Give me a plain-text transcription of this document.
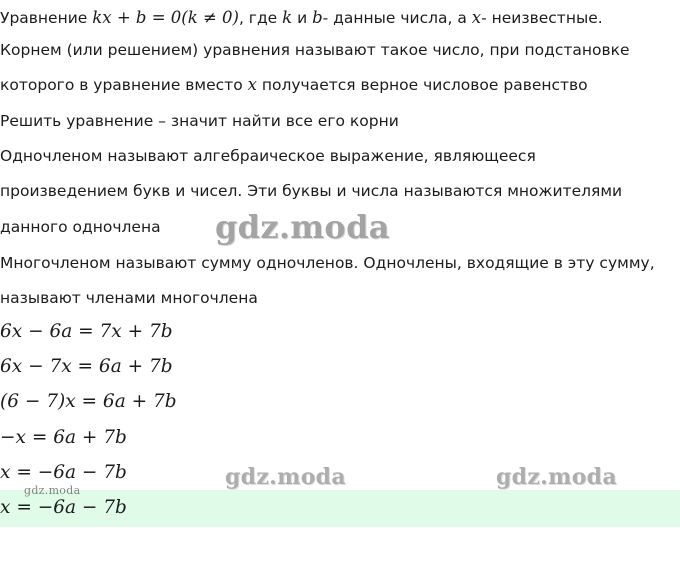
Уравнение kx + b = 0(k ≠ 0), где k и b- данные числа, а x- неизвестные.
Корнем (или решением) уравнения называют такое число, при подстановке
которого в уравнение вместо x получается верное числовое равенство
Решить уравнение – значит найти все его корни
Одночленом называют алгебраическое выражение, являющееся
произведением букв и чисел. Эти буквы и числа называются множителями
данного одночлена
Многочленом называют сумму одночленов. Одночлены, входящие в эту сумму,
называют членами многочлена
6x − 6a = 7x + 7b
6x − 7x = 6a + 7b
(6 − 7)x = 6a + 7b
−x = 6a + 7b
x = −6a − 7b
x = −6a − 7b
gdz.moda
gdz.moda	gdz.moda
gdz.moda
